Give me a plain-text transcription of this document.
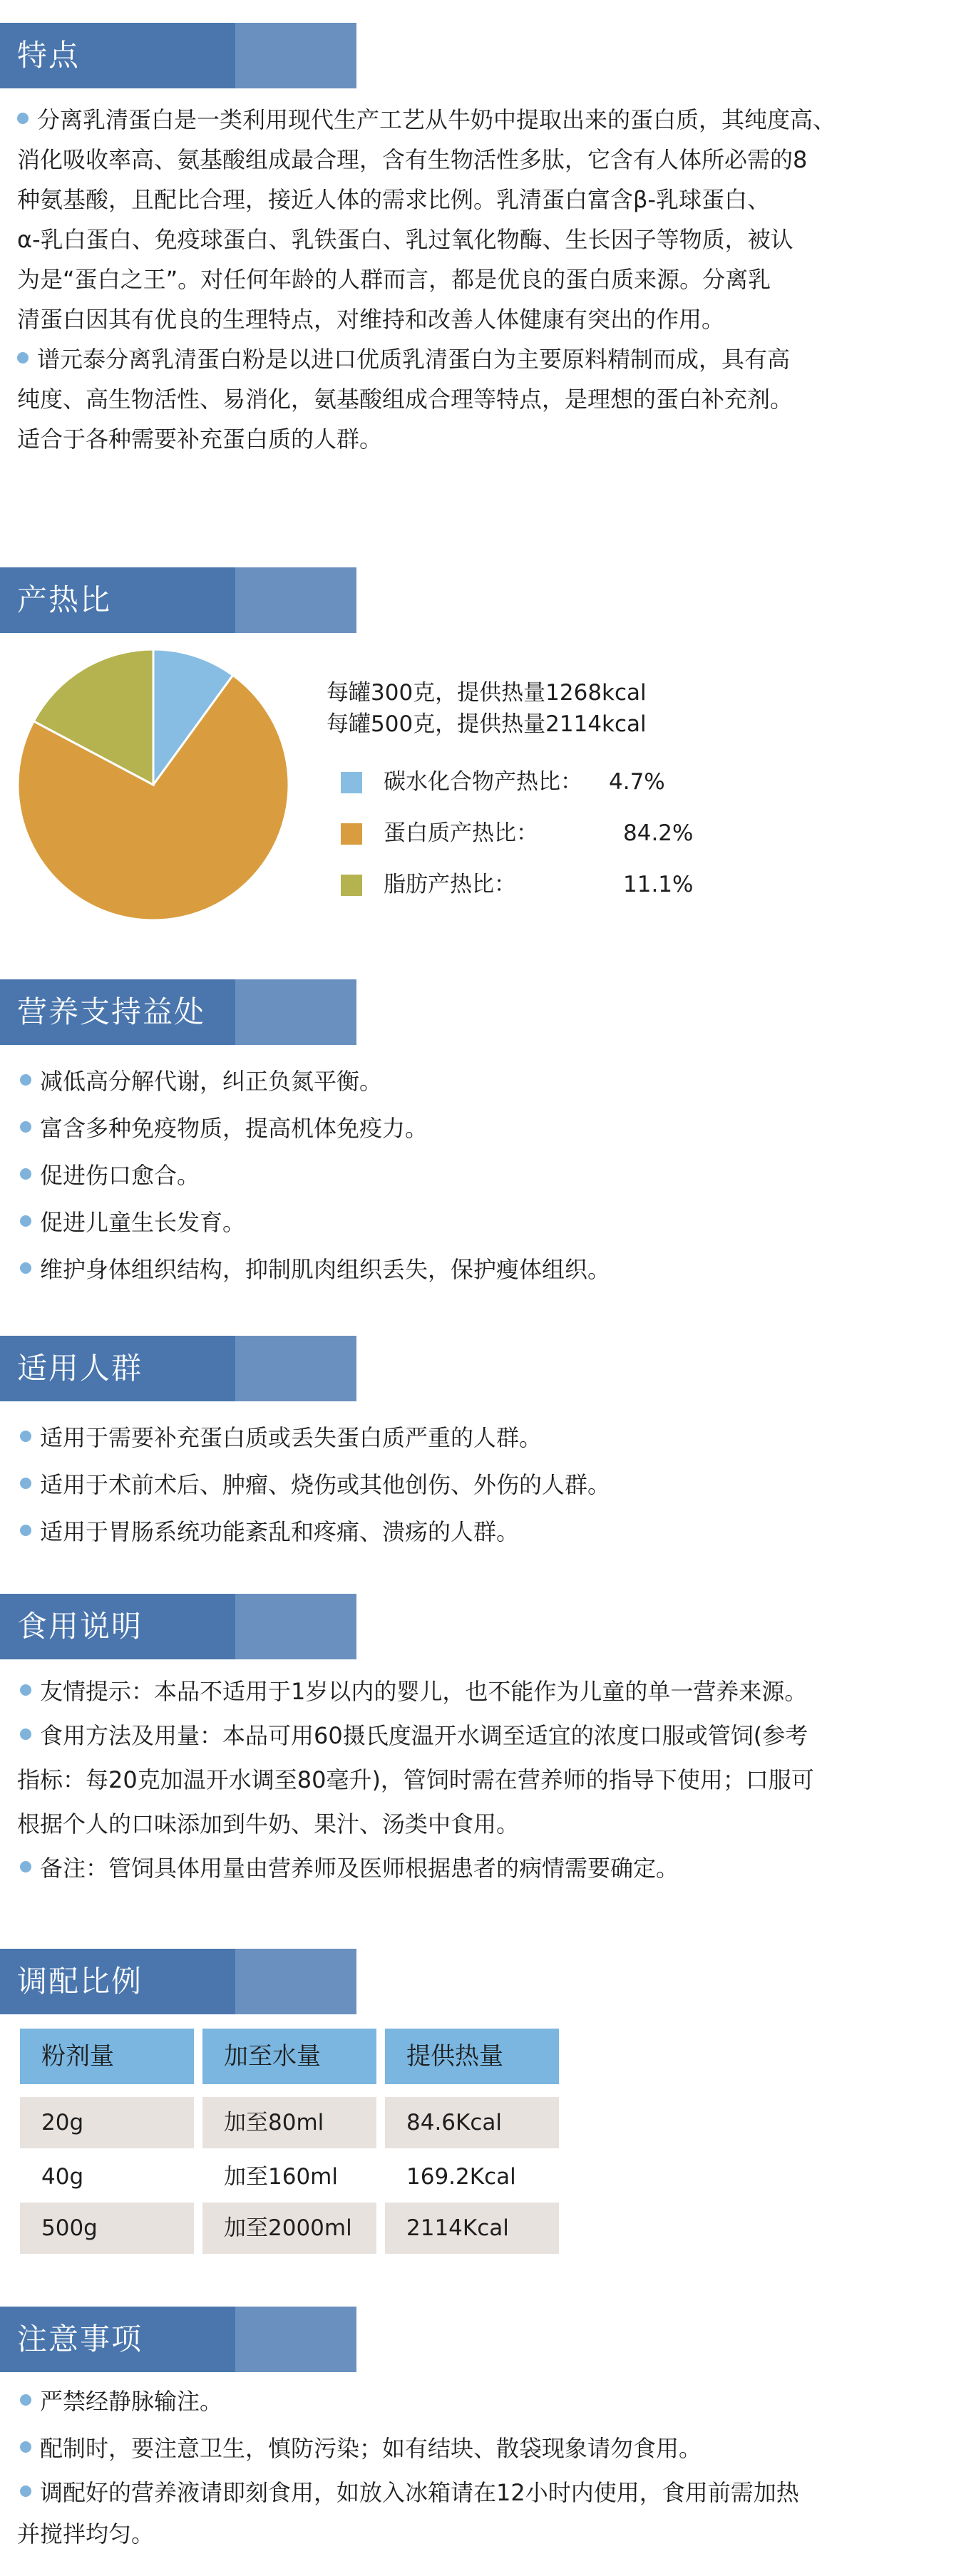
特点

分离乳清蛋白是一类利用现代生产工艺从牛奶中提取出来的蛋白质，其纯度高、
消化吸收率高、氨基酸组成最合理，含有生物活性多肽，它含有人体所必需的8
种氨基酸，且配比合理，接近人体的需求比例。乳清蛋白富含β-乳球蛋白、
α-乳白蛋白、免疫球蛋白、乳铁蛋白、乳过氧化物酶、生长因子等物质，被认
为是“蛋白之王”。对任何年龄的人群而言，都是优良的蛋白质来源。分离乳
清蛋白因其有优良的生理特点，对维持和改善人体健康有突出的作用。

谱元泰分离乳清蛋白粉是以进口优质乳清蛋白为主要原料精制而成，具有高
纯度、高生物活性、易消化，氨基酸组成合理等特点，是理想的蛋白补充剂。
适合于各种需要补充蛋白质的人群。

产热比
每罐300克，提供热量1268kcal
每罐500克，提供热量2114kcal
碳水化合物产热比： 4.7%
蛋白质产热比：	84.2%
脂肪产热比：	11.1%
营养支持益处
减低高分解代谢，纠正负氮平衡。
富含多种免疫物质，提高机体免疫力。
促进伤口愈合。
促进儿童生长发育。
维护身体组织结构，抑制肌肉组织丢失，保护瘦体组织。
适用人群
适用于需要补充蛋白质或丢失蛋白质严重的人群。
适用于术前术后、肿瘤、烧伤或其他创伤、外伤的人群。
适用于胃肠系统功能紊乱和疼痛、溃疡的人群。
食用说明
友情提示：本品不适用于1岁以内的婴儿，也不能作为儿童的单一营养来源。
食用方法及用量：本品可用60摄氏度温开水调至适宜的浓度口服或管饲(参考
指标：每20克加温开水调至80毫升)，管饲时需在营养师的指导下使用；口服可
根据个人的口味添加到牛奶、果汁、汤类中食用。
备注：管饲具体用量由营养师及医师根据患者的病情需要确定。
调配比例
粉剂量	加至水量	提供热量
20g	加至80ml	84.6Kcal
40g	加至160ml	169.2Kcal
500g	加至2000ml	2114Kcal
注意事项
严禁经静脉输注。
配制时，要注意卫生，慎防污染；如有结块、散袋现象请勿食用。
调配好的营养液请即刻食用，如放入冰箱请在12小时内使用，食用前需加热
并搅拌均匀。
